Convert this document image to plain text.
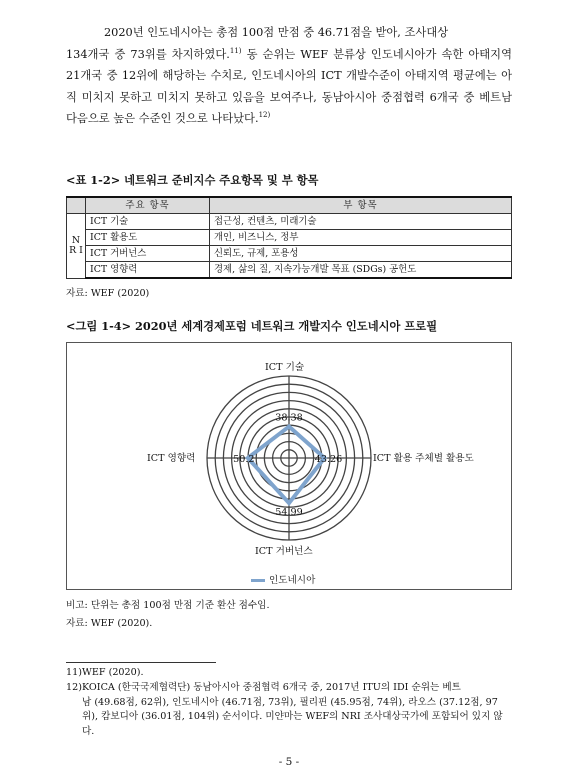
2020년 인도네시아는 총점 100점 만점 중 46.71점을 받아, 조사대상
134개국 중 73위를 차지하였다.$^{11)}$ 동 순위는 WEF 분류상 인도네시아가 속한 아태지역 21개국 중 12위에 해당하는 수치로, 인도네시아의 ICT 개발수준이 아태지역 평균에는 아직 미치지 못하고 미치지 못하고 있음을 보여주나, 동남아시아 중점협력 6개국 중 베트남 다음으로 높은 수준인 것으로 나타났다.$^{12)}$

<표 1-2> 네트워크 준비지수 주요항목 및 부 항목

	주요 항목	부 항목
N R I	ICT 기술	접근성, 컨텐츠, 미래기술
	ICT 활용도	개인, 비즈니스, 정부
	ICT 거버넌스	신뢰도, 규제, 포용성
	ICT 영향력	경제, 삶의 질, 지속가능개발 목표 (SDGs) 공헌도

자료: WEF (2020)

<그림 1-4> 2020년 세계경제포럼 네트워크 개발지수 인도네시아 프로필

38.38
43.26
54.99
50.2
ICT 기술
ICT 활용 주체별 활용도
ICT 거버넌스
ICT 영향력
인도네시아

비고: 단위는 총점 100점 만점 기준 환산 점수임.

자료: WEF (2020).

11)WEF (2020).

12)KOICA (한국국제협력단) 동남아시아 중점협력 6개국 중, 2017년 ITU의 IDI 순위는 베트
남 (49.68점, 62위), 인도네시아 (46.71점, 73위), 필리핀 (45.95점, 74위), 라오스 (37.12점, 97위), 캄보디아 (36.01점, 104위) 순서이다. 미얀마는 WEF의 NRI 조사대상국가에 포함되어 있지 않다.

- 5 -
